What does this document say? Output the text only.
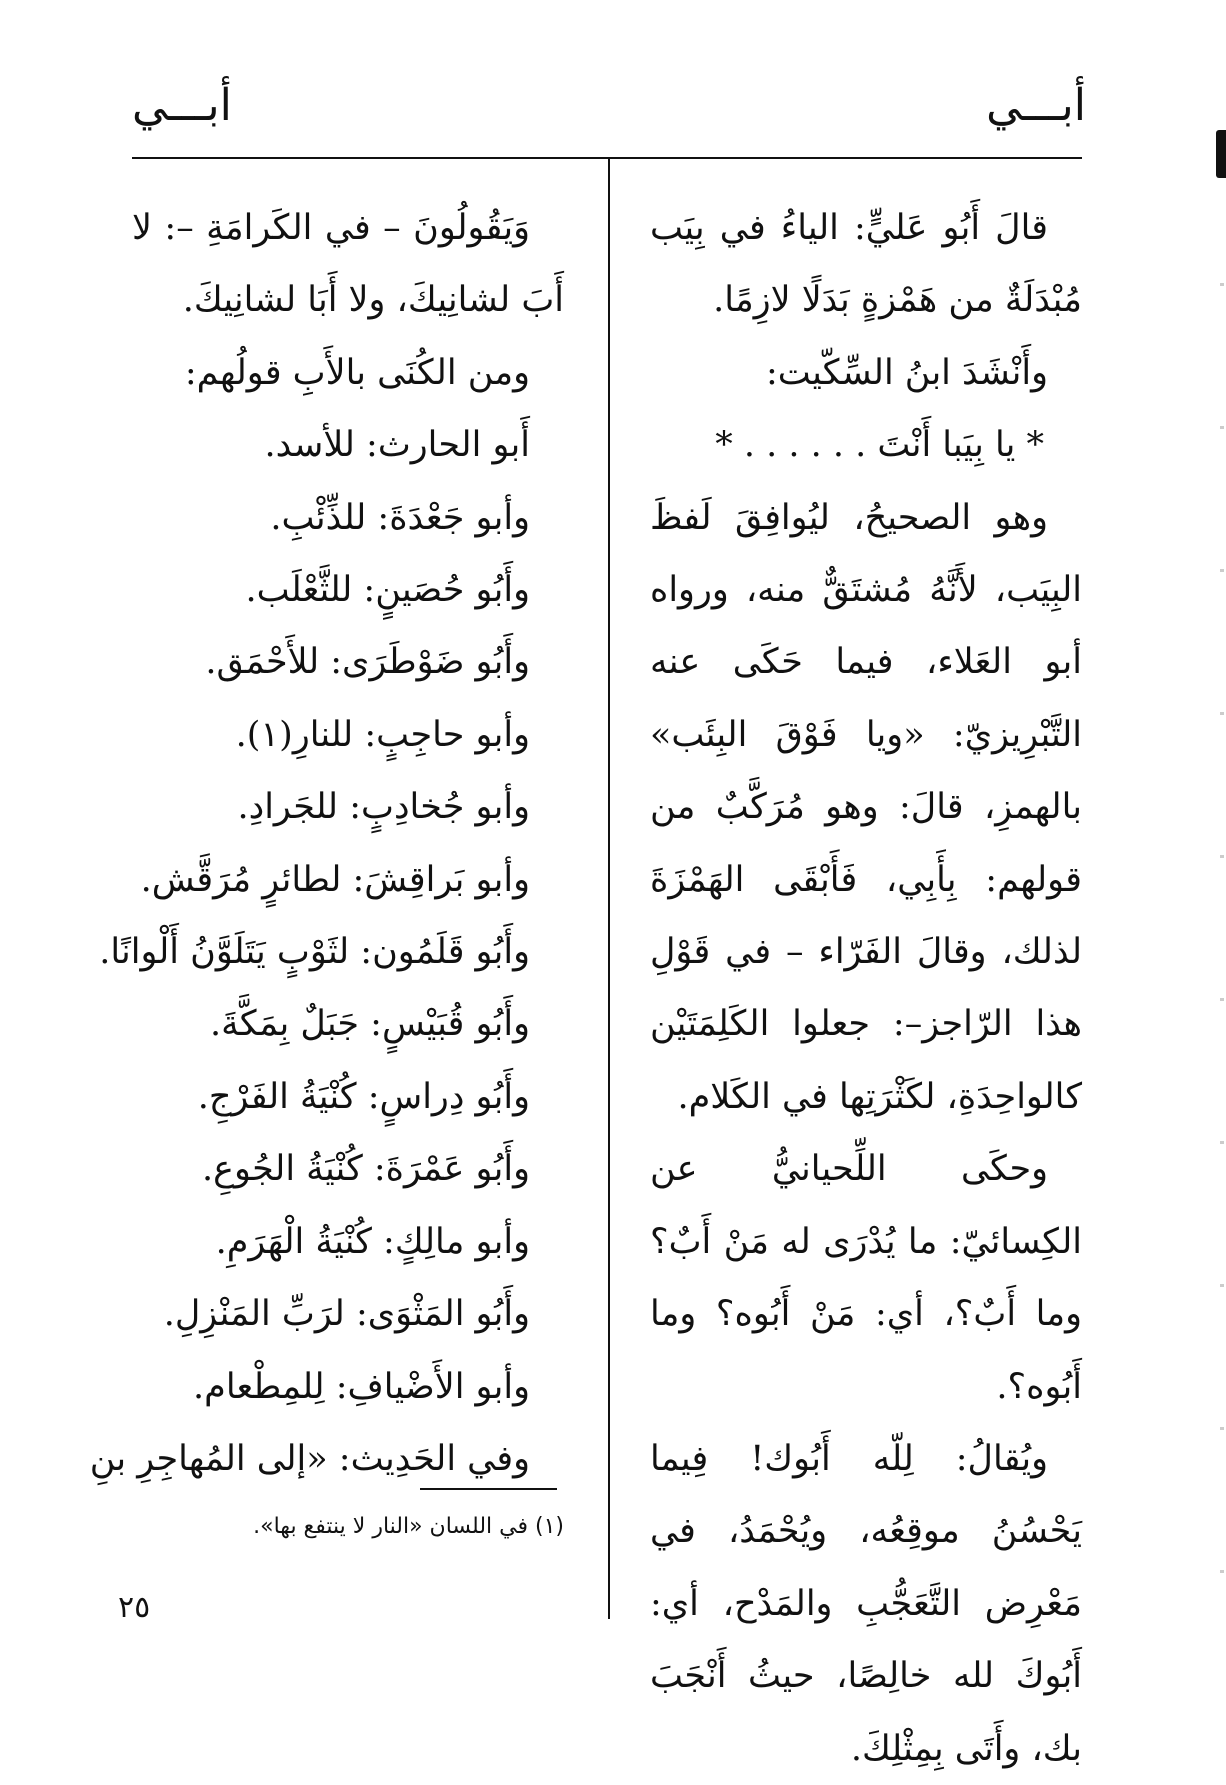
أبـــي
أبـــي

قالَ أَبُو عَليٍّ: الياءُ في بِيَب مُبْدَلَةٌ من هَمْزةٍ بَدَلًا لازِمًا.

وأَنْشَدَ ابنُ السِّكّيت:

* يا بِيَبا أَنْتَ . . . . . . *

وهو الصحيحُ، ليُوافِقَ لَفظَ البِيَب، لأَنَّهُ مُشتَقٌّ منه، ورواه أبو العَلاء، فيما حَكَى عنه التَّبْرِيزيّ: «ويا فَوْقَ البِئَب» بالهمزِ، قالَ: وهو مُرَكَّبٌ من قولهم: بِأَبِي، فَأَبْقَى الهَمْزَةَ لذلك، وقالَ الفَرّاء – في قَوْلِ هذا الرّاجز–: جعلوا الكَلِمَتَيْن كالواحِدَةِ، لكَثْرَتِها في الكَلام.

وحكَى اللِّحيانيُّ عن الكِسائيّ: ما يُدْرَى له مَنْ أَبٌ؟ وما أَبٌ؟، أي: مَنْ أَبُوه؟ وما أَبُوه؟.

ويُقالُ: لِلّه أَبُوك! فِيما يَحْسُنُ موقِعُه، ويُحْمَدُ، في مَعْرِض التَّعَجُّبِ والمَدْح، أي: أَبُوكَ لله خالِصًا، حيثُ أَنْجَبَ بك، وأَتَى بِمِثْلِكَ.

وَيَقُولُونَ – في الكَرامَةِ –: لا أَبَ لشانِيكَ، ولا أَبَا لشانِيكَ.

ومن الكُنَى بالأَبِ قولُهم:

أَبو الحارث: للأسد.

وأبو جَعْدَةَ: للذِّئْبِ.

وأَبُو حُصَينٍ: للثَّعْلَب.

وأَبُو ضَوْطَرَى: للأَحْمَق.

وأبو حاجِبٍ: للنارِ(١).

وأبو جُخادِبٍ: للجَرادِ.

وأبو بَراقِشَ: لطائرٍ مُرَقَّش.

وأَبُو قَلَمُون: لثَوْبٍ يَتَلَوَّنُ أَلْوانًا.

وأَبُو قُبَيْسٍ: جَبَلٌ بِمَكَّةَ.

وأَبُو دِراسٍ: كُنْيَةُ الفَرْجِ.

وأَبُو عَمْرَةَ: كُنْيَةُ الجُوعِ.

وأبو مالِكٍ: كُنْيَةُ الْهَرَمِ.

وأَبُو المَثْوَى: لرَبِّ المَنْزِلِ.

وأبو الأَضْيافِ: لِلمِطْعام.

وفي الحَدِيث: «إلى المُهاجِرِ بنِ

(١) في اللسان «النار لا ينتفع بها».
٢٥
